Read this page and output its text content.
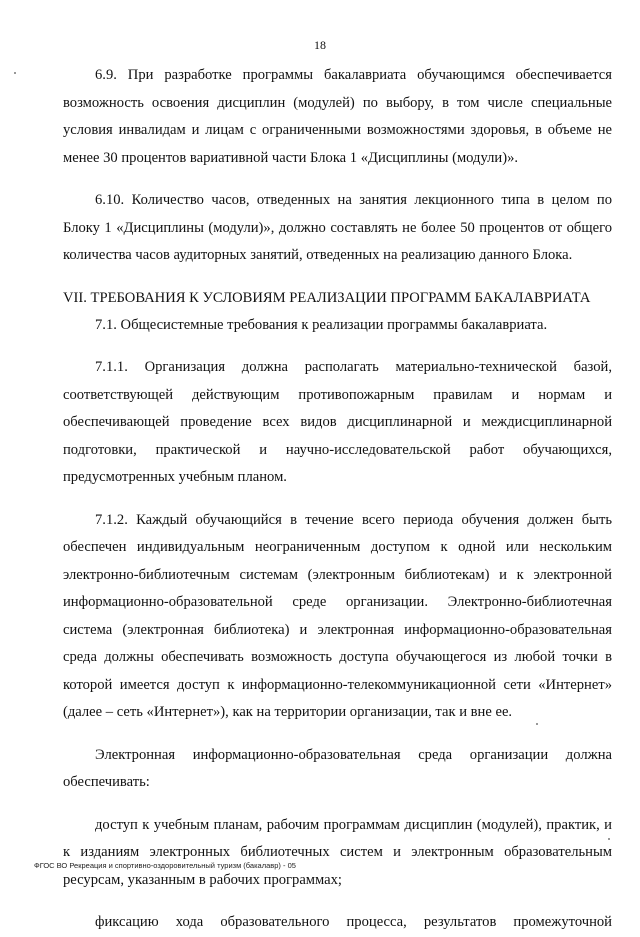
18

6.9. При разработке программы бакалавриата обучающимся обеспечивается возможность освоения дисциплин (модулей) по выбору, в том числе специальные условия инвалидам и лицам с ограниченными возможностями здоровья, в объеме не менее 30 процентов вариативной части Блока 1 «Дисциплины (модули)».

6.10. Количество часов, отведенных на занятия лекционного типа в целом по Блоку 1 «Дисциплины (модули)», должно составлять не более 50 процентов от общего количества часов аудиторных занятий, отведенных на реализацию данного Блока.

VII. ТРЕБОВАНИЯ К УСЛОВИЯМ РЕАЛИЗАЦИИ ПРОГРАММ БАКАЛАВРИАТА

7.1. Общесистемные требования к реализации программы бакалавриата.

7.1.1. Организация должна располагать материально-технической базой, соответствующей действующим противопожарным правилам и нормам и обеспечивающей проведение всех видов дисциплинарной и междисциплинарной подготовки, практической и научно-исследовательской работ обучающихся, предусмотренных учебным планом.

7.1.2. Каждый обучающийся в течение всего периода обучения должен быть обеспечен индивидуальным неограниченным доступом к одной или нескольким электронно-библиотечным системам (электронным библиотекам) и к электронной информационно-образовательной среде организации. Электронно-библиотечная система (электронная библиотека) и электронная информационно-образовательная среда должны обеспечивать возможность доступа обучающегося из любой точки в которой имеется доступ к информационно-телекоммуникационной сети «Интернет» (далее – сеть «Интернет»), как на территории организации, так и вне ее.

Электронная информационно-образовательная среда организации должна обеспечивать:

доступ к учебным планам, рабочим программам дисциплин (модулей), практик, и к изданиям электронных библиотечных систем и электронным образовательным ресурсам, указанным в рабочих программах;

фиксацию хода образовательного процесса, результатов промежуточной

ФГОС ВО Рекреация и спортивно-оздоровительный туризм (бакалавр) - 05
